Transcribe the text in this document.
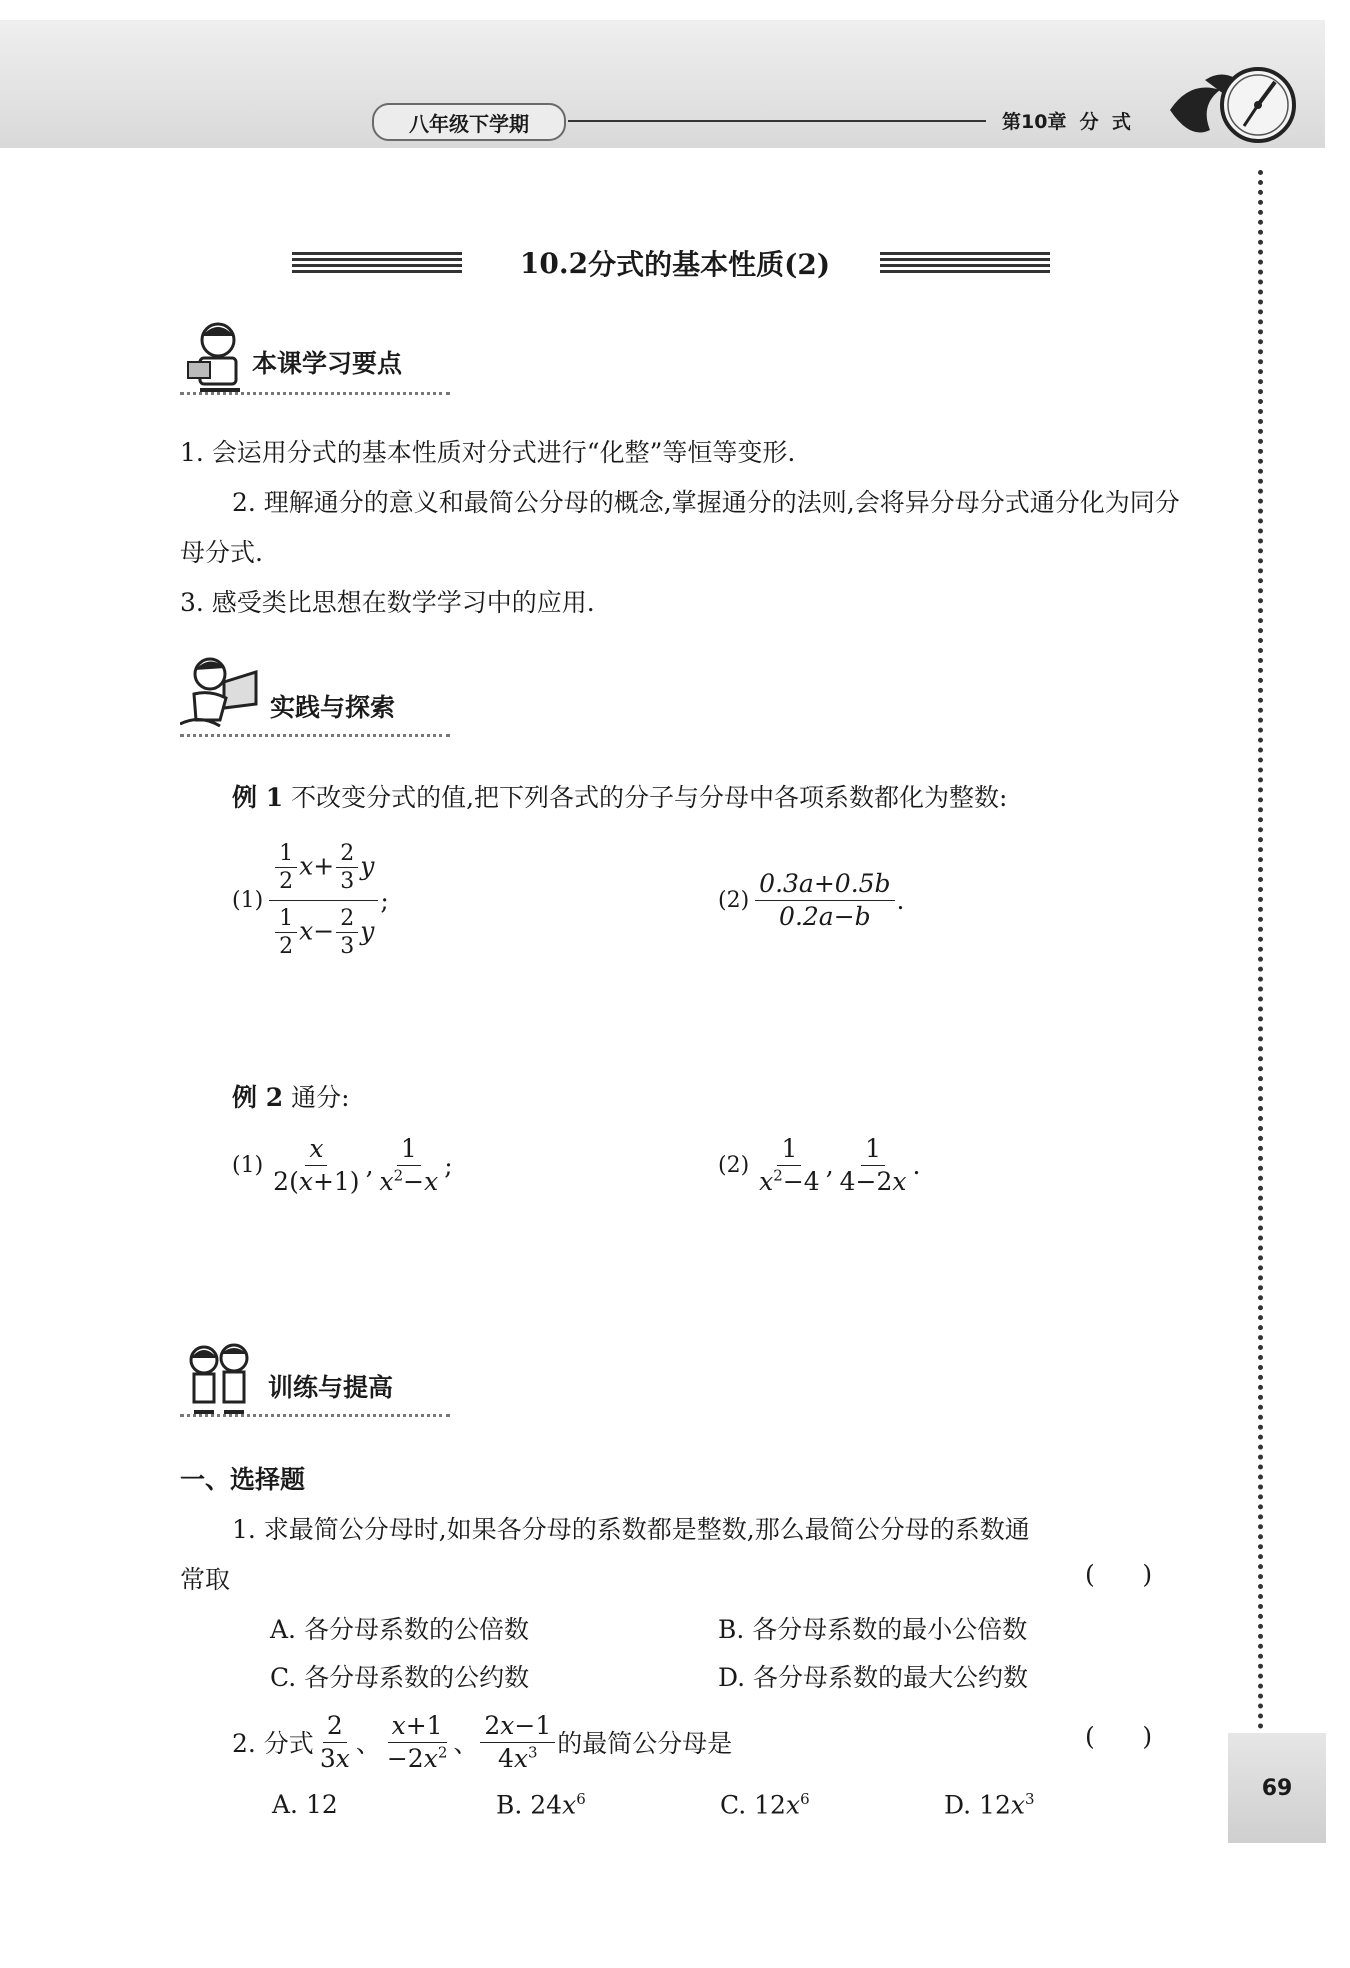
八年级下学期	第10章  分  式
69
10.2 分式的基本性质(2)
本课学习要点
1. 会运用分式的基本性质对分式进行“化整”等恒等变形.
2. 理解通分的意义和最简公分母的概念,掌握通分的法则,会将异分母分式通分化为同分母分式.
3. 感受类比思想在数学学习中的应用.
实践与探索
例 1 不改变分式的值,把下列各式的分子与分母中各项系数都化为整数:
$(1) \frac{\frac{1}{2} x+ \frac{2}{3} y}{\frac{1}{2} x- \frac{2}{3} y}$ ;	$(2) \frac{0.3a+0.5b}{0.2a-b}$ .
例 2 通分:
$(1) \frac{x}{2(x+1)}$ , $\frac{1}{x^2-x}$ ;	$(2) \frac{1}{x^2-4}$ , $\frac{1}{4-2x}$ .
训练与提高
一、选择题
1. 求最简公分母时,如果各分母的系数都是整数,那么最简公分母的系数通
常取	(      )
A. 各分母系数的公倍数	B. 各分母系数的最小公倍数
C. 各分母系数的公约数	D. 各分母系数的最大公约数
2. 分式 $\frac{2}{3x}$ 、 $\frac{x+1}{-2x^2}$ 、 $\frac{2x-1}{4x^3}$ 的最简公分母是	(      )
A. 12	B. $24x^6$	C. $12x^6$	D. $12x^3$
